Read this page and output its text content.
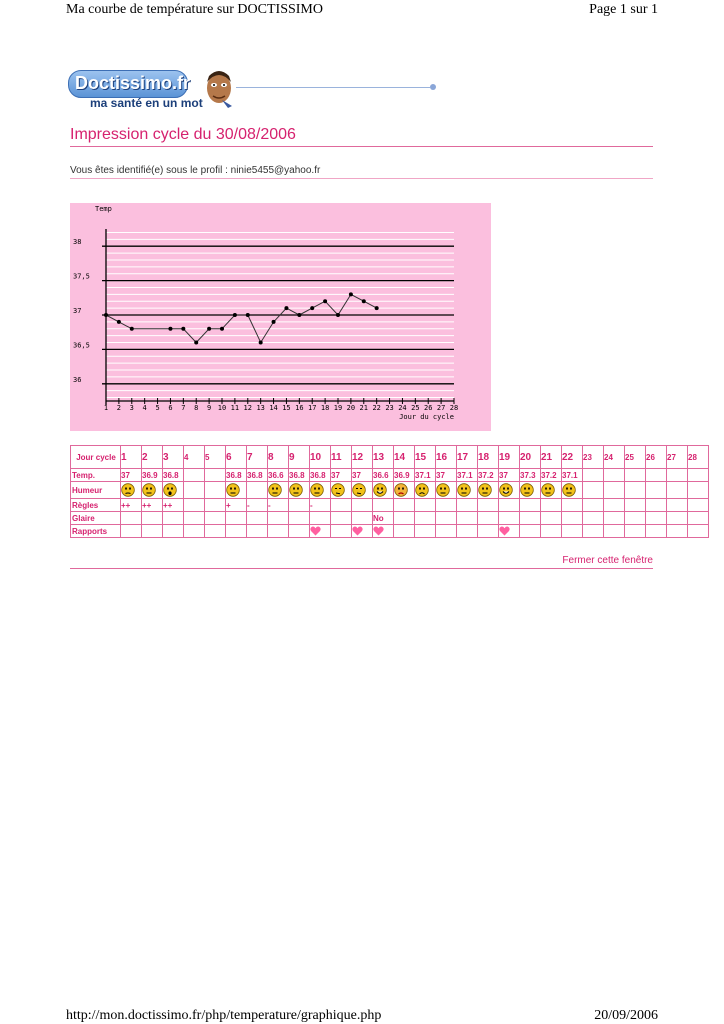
Ma courbe de température sur DOCTISSIMO	Page 1 sur 1
Doctissimo.fr
ma santé en un mot
Impression cycle du 30/08/2006
Vous êtes identifié(e) sous le profil : ninie5455@yahoo.fr
38
37,5
37
36,5
36
Temp
1 2 3 4 5 6 7 8 9 10 11 12 13 14 15 16 17 18 19 20 21 22 23 24 25 26 27 28
Jour du cycle
Jour cycle	1	2	3	4	5	6	7	8	9	10	11	12	13	14	15	16	17	18	19	20	21	22	23	24	25	26	27	28
Temp.	37	36.9	36.8			36.8	36.8	36.6	36.8	36.8	37	37	36.6	36.9	37.1	37	37.1	37.2	37	37.3	37.2	37.1						
Humeur																												
Règles	++	++	++			+	-	-		-																		
Glaire													No															
Rapports																												
Fermer cette fenêtre
http://mon.doctissimo.fr/php/temperature/graphique.php	20/09/2006
